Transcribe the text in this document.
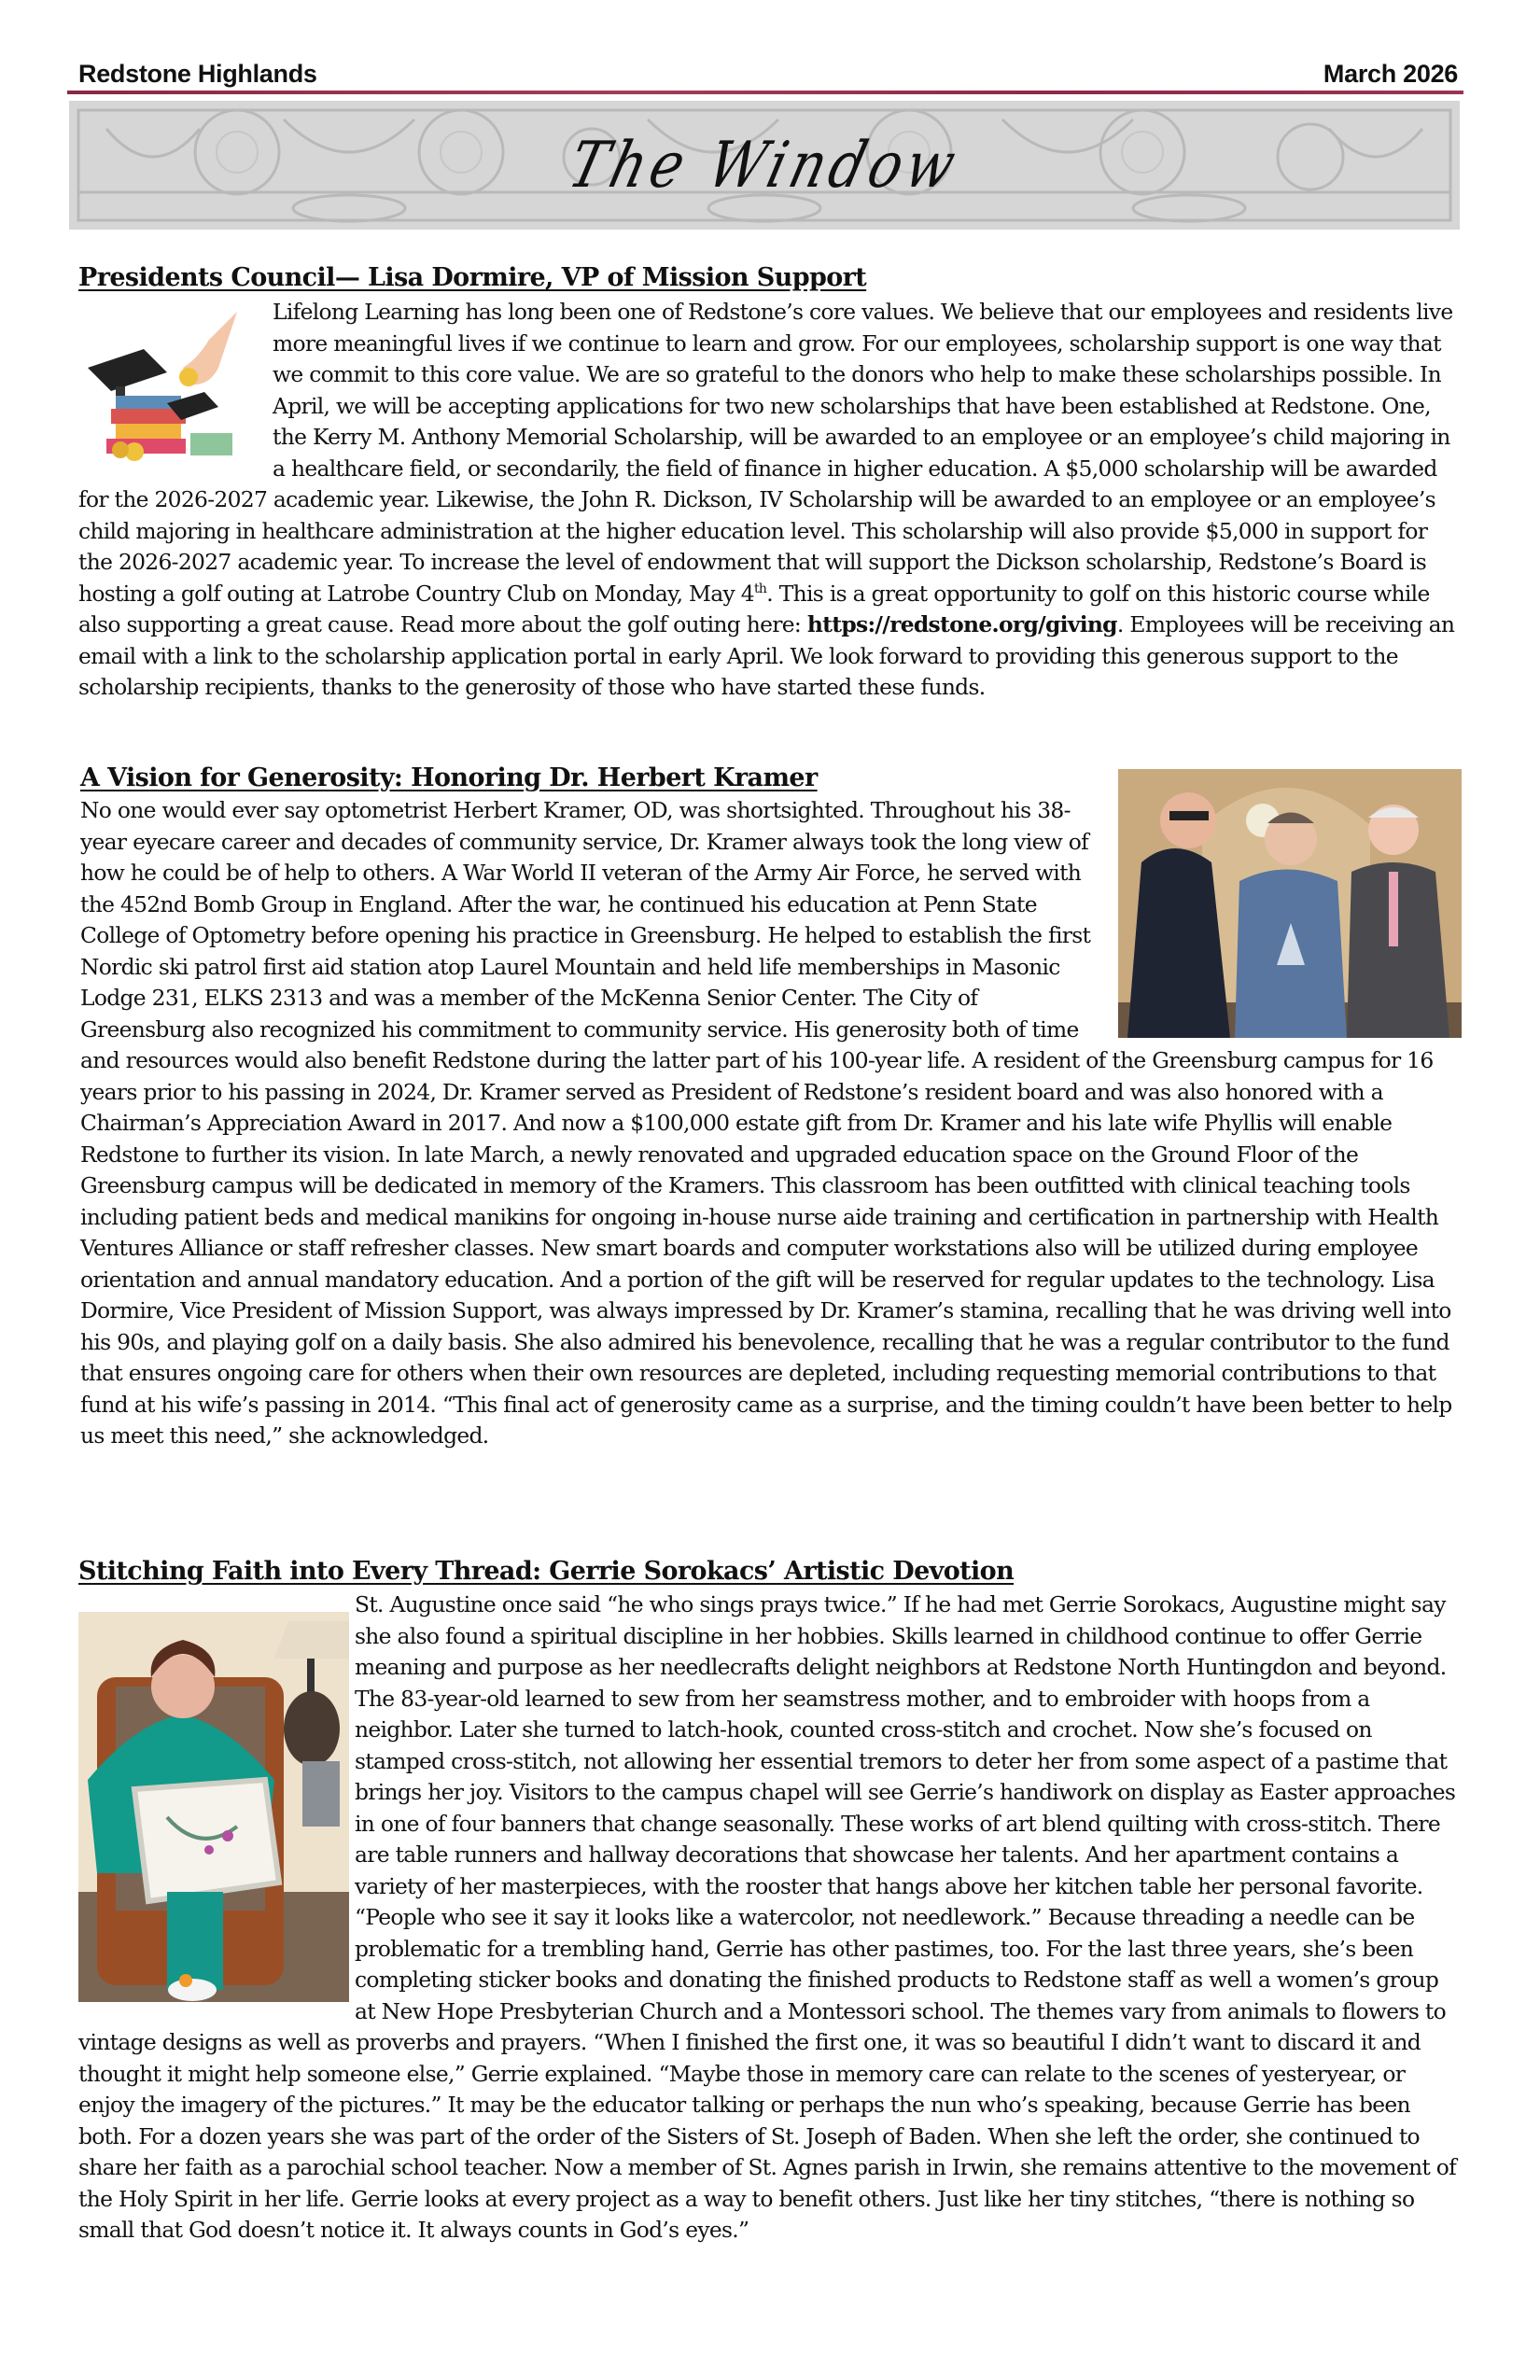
Redstone Highlands	March 2026
The Window
Presidents Council— Lisa Dormire, VP of Mission Support
Lifelong Learning has long been one of Redstone’s core values. We believe that our employees and residents live more meaningful lives if we continue to learn and grow. For our employees, scholarship support is one way that we commit to this core value. We are so grateful to the donors who help to make these scholarships possible. In April, we will be accepting applications for two new scholarships that have been established at Redstone. One, the Kerry M. Anthony Memorial Scholarship, will be awarded to an employee or an employee’s child majoring in a healthcare field, or secondarily, the field of finance in higher education. A $5,000 scholarship will be awarded for the 2026-2027 academic year. Likewise, the John R. Dickson, IV Scholarship will be awarded to an employee or an employee’s child majoring in healthcare administration at the higher education level. This scholarship will also provide $5,000 in support for the 2026-2027 academic year. To increase the level of endowment that will support the Dickson scholarship, Redstone’s Board is hosting a golf outing at Latrobe Country Club on Monday, May 4th. This is a great opportunity to golf on this historic course while also supporting a great cause. Read more about the golf outing here: https://redstone.org/giving. Employees will be receiving an email with a link to the scholarship application portal in early April. We look forward to providing this generous support to the scholarship recipients, thanks to the generosity of those who have started these funds.
A Vision for Generosity: Honoring Dr. Herbert Kramer
No one would ever say optometrist Herbert Kramer, OD, was shortsighted. Throughout his 38-year eyecare career and decades of community service, Dr. Kramer always took the long view of how he could be of help to others. A War World II veteran of the Army Air Force, he served with the 452nd Bomb Group in England. After the war, he continued his education at Penn State College of Optometry before opening his practice in Greensburg. He helped to establish the first Nordic ski patrol first aid station atop Laurel Mountain and held life memberships in Masonic Lodge 231, ELKS 2313 and was a member of the McKenna Senior Center. The City of Greensburg also recognized his commitment to community service. His generosity both of time and resources would also benefit Redstone during the latter part of his 100-year life. A resident of the Greensburg campus for 16 years prior to his passing in 2024, Dr. Kramer served as President of Redstone’s resident board and was also honored with a Chairman’s Appreciation Award in 2017. And now a $100,000 estate gift from Dr. Kramer and his late wife Phyllis will enable Redstone to further its vision. In late March, a newly renovated and upgraded education space on the Ground Floor of the Greensburg campus will be dedicated in memory of the Kramers. This classroom has been outfitted with clinical teaching tools including patient beds and medical manikins for ongoing in-house nurse aide training and certification in partnership with Health Ventures Alliance or staff refresher classes. New smart boards and computer workstations also will be utilized during employee orientation and annual mandatory education. And a portion of the gift will be reserved for regular updates to the technology. Lisa Dormire, Vice President of Mission Support, was always impressed by Dr. Kramer’s stamina, recalling that he was driving well into his 90s, and playing golf on a daily basis. She also admired his benevolence, recalling that he was a regular contributor to the fund that ensures ongoing care for others when their own resources are depleted, including requesting memorial contributions to that fund at his wife’s passing in 2014. “This final act of generosity came as a surprise, and the timing couldn’t have been better to help us meet this need,” she acknowledged.
Stitching Faith into Every Thread: Gerrie Sorokacs’ Artistic Devotion
St. Augustine once said “he who sings prays twice.” If he had met Gerrie Sorokacs, Augustine might say she also found a spiritual discipline in her hobbies. Skills learned in childhood continue to offer Gerrie meaning and purpose as her needlecrafts delight neighbors at Redstone North Huntingdon and beyond. The 83-year-old learned to sew from her seamstress mother, and to embroider with hoops from a neighbor. Later she turned to latch-hook, counted cross-stitch and crochet. Now she’s focused on stamped cross-stitch, not allowing her essential tremors to deter her from some aspect of a pastime that brings her joy. Visitors to the campus chapel will see Gerrie’s handiwork on display as Easter approaches in one of four banners that change seasonally. These works of art blend quilting with cross-stitch. There are table runners and hallway decorations that showcase her talents. And her apartment contains a variety of her masterpieces, with the rooster that hangs above her kitchen table her personal favorite. “People who see it say it looks like a watercolor, not needlework.” Because threading a needle can be problematic for a trembling hand, Gerrie has other pastimes, too. For the last three years, she’s been completing sticker books and donating the finished products to Redstone staff as well a women’s group at New Hope Presbyterian Church and a Montessori school. The themes vary from animals to flowers to vintage designs as well as proverbs and prayers. “When I finished the first one, it was so beautiful I didn’t want to discard it and thought it might help someone else,” Gerrie explained. “Maybe those in memory care can relate to the scenes of yesteryear, or enjoy the imagery of the pictures.” It may be the educator talking or perhaps the nun who’s speaking, because Gerrie has been both. For a dozen years she was part of the order of the Sisters of St. Joseph of Baden. When she left the order, she continued to share her faith as a parochial school teacher. Now a member of St. Agnes parish in Irwin, she remains attentive to the movement of the Holy Spirit in her life. Gerrie looks at every project as a way to benefit others. Just like her tiny stitches, “there is nothing so small that God doesn’t notice it. It always counts in God’s eyes.”
